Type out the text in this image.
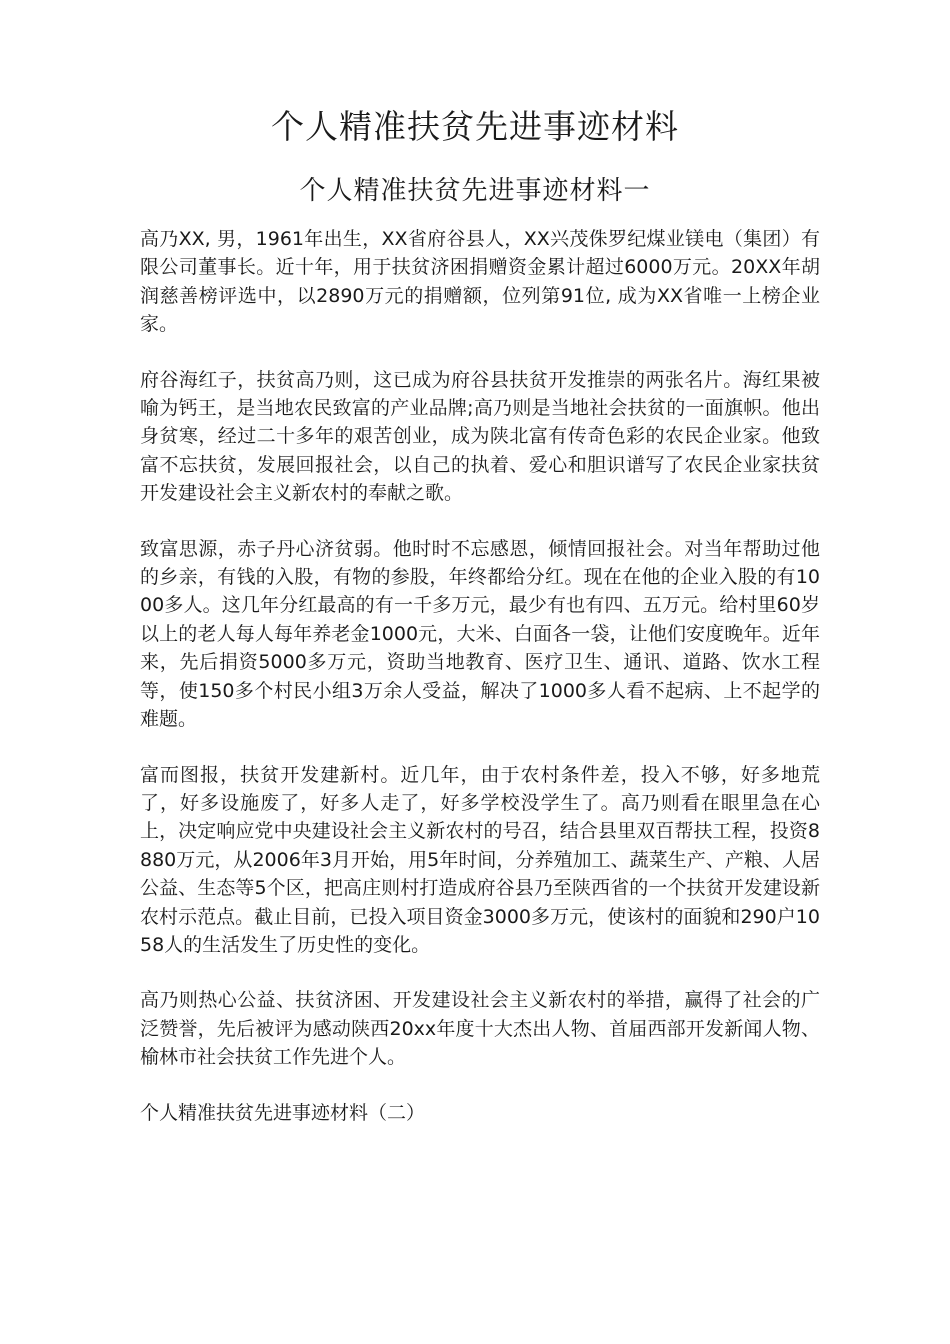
个人精准扶贫先进事迹材料
个人精准扶贫先进事迹材料一

高乃XX, 男，1961年出生，XX省府谷县人，XX兴茂侏罗纪煤业镁电（集团）有限公司董事长。近十年，用于扶贫济困捐赠资金累计超过6000万元。20XX年胡润慈善榜评选中，以2890万元的捐赠额，位列第91位, 成为XX省唯一上榜企业家。

府谷海红子，扶贫高乃则，这已成为府谷县扶贫开发推崇的两张名片。海红果被喻为钙王，是当地农民致富的产业品牌;高乃则是当地社会扶贫的一面旗帜。他出身贫寒，经过二十多年的艰苦创业，成为陕北富有传奇色彩的农民企业家。他致富不忘扶贫，发展回报社会，以自己的执着、爱心和胆识谱写了农民企业家扶贫开发建设社会主义新农村的奉献之歌。

致富思源，赤子丹心济贫弱。他时时不忘感恩，倾情回报社会。对当年帮助过他的乡亲，有钱的入股，有物的参股，年终都给分红。现在在他的企业入股的有1000多人。这几年分红最高的有一千多万元，最少有也有四、五万元。给村里60岁以上的老人每人每年养老金1000元，大米、白面各一袋，让他们安度晚年。近年来，先后捐资5000多万元，资助当地教育、医疗卫生、通讯、道路、饮水工程等，使150多个村民小组3万余人受益，解决了1000多人看不起病、上不起学的难题。

富而图报，扶贫开发建新村。近几年，由于农村条件差，投入不够，好多地荒了，好多设施废了，好多人走了，好多学校没学生了。高乃则看在眼里急在心上，决定响应党中央建设社会主义新农村的号召，结合县里双百帮扶工程，投资8880万元，从2006年3月开始，用5年时间，分养殖加工、蔬菜生产、产粮、人居公益、生态等5个区，把高庄则村打造成府谷县乃至陕西省的一个扶贫开发建设新农村示范点。截止目前，已投入项目资金3000多万元，使该村的面貌和290户1058人的生活发生了历史性的变化。

高乃则热心公益、扶贫济困、开发建设社会主义新农村的举措，赢得了社会的广泛赞誉，先后被评为感动陕西20xx年度十大杰出人物、首届西部开发新闻人物、榆林市社会扶贫工作先进个人。

个人精准扶贫先进事迹材料（二）
